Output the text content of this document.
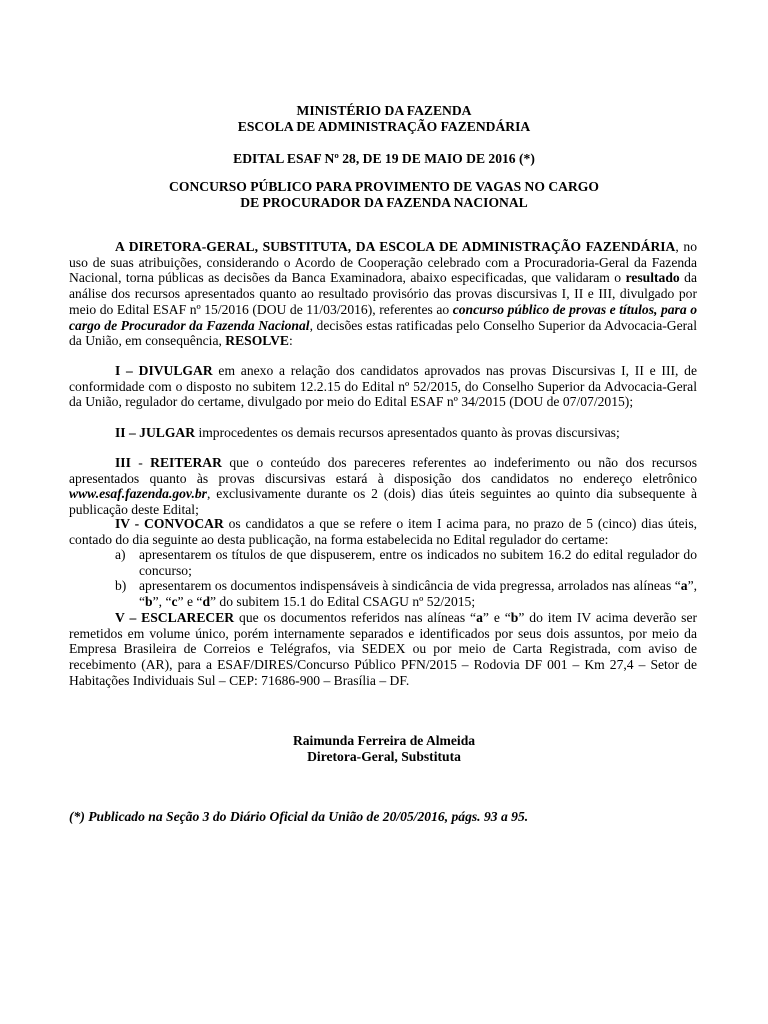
MINISTÉRIO DA FAZENDA
ESCOLA DE ADMINISTRAÇÃO FAZENDÁRIA
EDITAL ESAF Nº 28, DE 19 DE MAIO DE 2016 (*)
CONCURSO PÚBLICO PARA PROVIMENTO DE VAGAS NO CARGO
DE PROCURADOR DA FAZENDA NACIONAL
A DIRETORA-GERAL, SUBSTITUTA, DA ESCOLA DE ADMINISTRAÇÃO FAZENDÁRIA, no uso de suas atribuições, considerando o Acordo de Cooperação celebrado com a Procuradoria-Geral da Fazenda Nacional, torna públicas as decisões da Banca Examinadora, abaixo especificadas, que validaram o resultado da análise dos recursos apresentados quanto ao resultado provisório das provas discursivas I, II e III, divulgado por meio do Edital ESAF nº 15/2016 (DOU de 11/03/2016), referentes ao concurso público de provas e títulos, para o cargo de Procurador da Fazenda Nacional, decisões estas ratificadas pelo Conselho Superior da Advocacia-Geral da União, em consequência, RESOLVE:
I – DIVULGAR em anexo a relação dos candidatos aprovados nas provas Discursivas I, II e III, de conformidade com o disposto no subitem 12.2.15 do Edital nº 52/2015, do Conselho Superior da Advocacia-Geral da União, regulador do certame, divulgado por meio do Edital ESAF nº 34/2015 (DOU de 07/07/2015);
II – JULGAR improcedentes os demais recursos apresentados quanto às provas discursivas;
III - REITERAR que o conteúdo dos pareceres referentes ao indeferimento ou não dos recursos apresentados quanto às provas discursivas estará à disposição dos candidatos no endereço eletrônico www.esaf.fazenda.gov.br, exclusivamente durante os 2 (dois) dias úteis seguintes ao quinto dia subsequente à publicação deste Edital;
IV - CONVOCAR os candidatos a que se refere o item I acima para, no prazo de 5 (cinco) dias úteis, contado do dia seguinte ao desta publicação, na forma estabelecida no Edital regulador do certame:
a) apresentarem os títulos de que dispuserem, entre os indicados no subitem 16.2 do edital regulador do concurso;
b) apresentarem os documentos indispensáveis à sindicância de vida pregressa, arrolados nas alíneas “a”, “b”, “c” e “d” do subitem 15.1 do Edital CSAGU nº 52/2015;
V – ESCLARECER que os documentos referidos nas alíneas “a” e “b” do item IV acima deverão ser remetidos em volume único, porém internamente separados e identificados por seus dois assuntos, por meio da Empresa Brasileira de Correios e Telégrafos, via SEDEX ou por meio de Carta Registrada, com aviso de recebimento (AR), para a ESAF/DIRES/Concurso Público PFN/2015 – Rodovia DF 001 – Km 27,4 – Setor de Habitações Individuais Sul – CEP: 71686-900 – Brasília – DF.
Raimunda Ferreira de Almeida
Diretora-Geral, Substituta
(*) Publicado na Seção 3 do Diário Oficial da União de 20/05/2016, págs. 93 a 95.
